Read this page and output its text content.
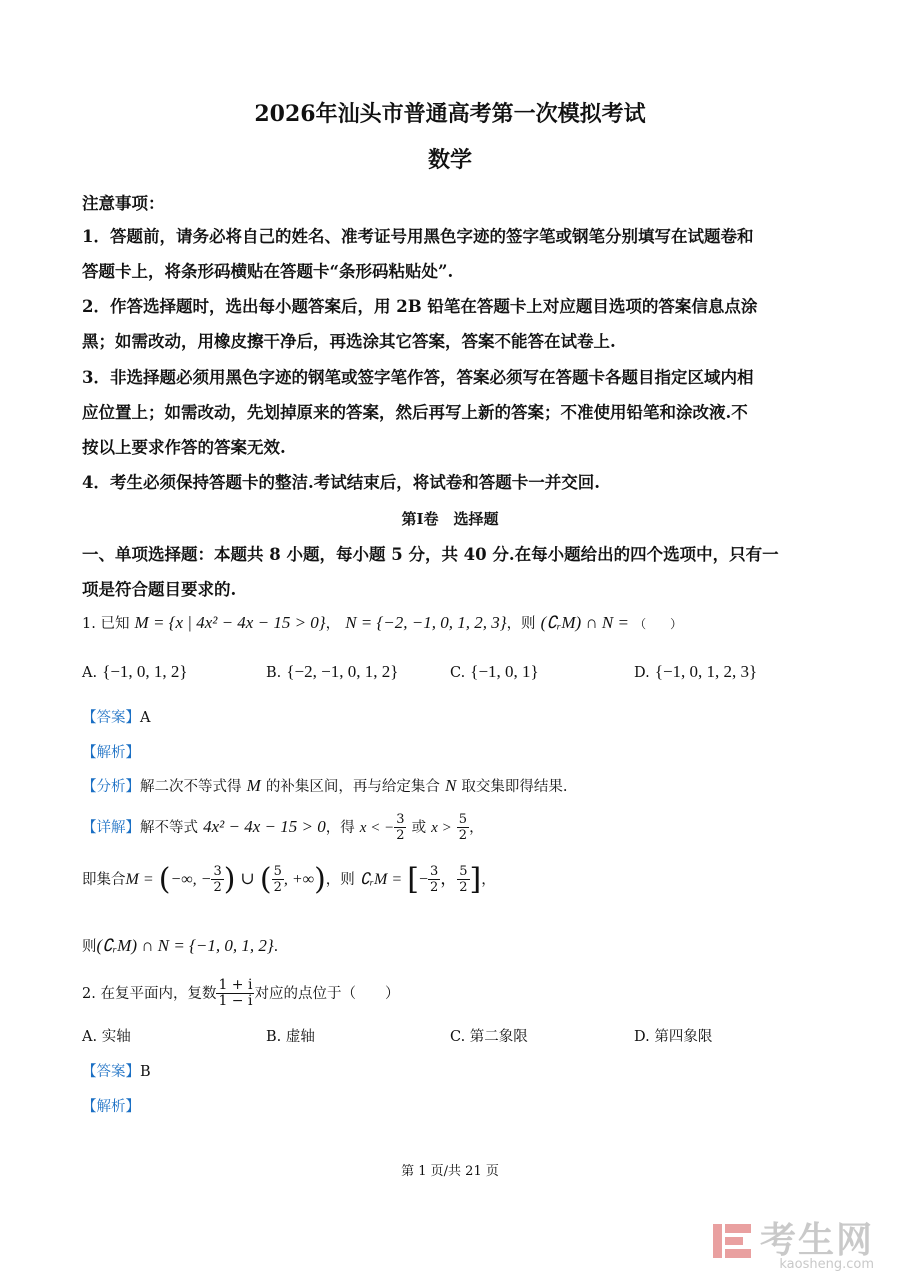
2026年汕头市普通高考第一次模拟考试
数学
注意事项：
1．答题前，请务必将自己的姓名、准考证号用黑色字迹的签字笔或钢笔分别填写在试题卷和
答题卡上，将条形码横贴在答题卡“条形码粘贴处”.
2．作答选择题时，选出每小题答案后，用 2B 铅笔在答题卡上对应题目选项的答案信息点涂
黑；如需改动，用橡皮擦干净后，再选涂其它答案，答案不能答在试卷上.
3．非选择题必须用黑色字迹的钢笔或签字笔作答，答案必须写在答题卡各题目指定区域内相
应位置上；如需改动，先划掉原来的答案，然后再写上新的答案；不准使用铅笔和涂改液.不
按以上要求作答的答案无效.
4．考生必须保持答题卡的整洁.考试结束后，将试卷和答题卡一并交回.
第Ⅰ卷　选择题
一、单项选择题：本题共 8 小题，每小题 5 分，共 40 分.在每小题给出的四个选项中，只有一
项是符合题目要求的.
1. 已知 M = {x | 4x² − 4x − 15 > 0}， N = {−2, −1, 0, 1, 2, 3}，则 (∁ᵣM) ∩ N = （　　）
A. {−1, 0, 1, 2}	B. {−2, −1, 0, 1, 2}	C. {−1, 0, 1}	D. {−1, 0, 1, 2, 3}
【答案】A
【解析】
【分析】解二次不等式得 M 的补集区间，再与给定集合 N 取交集即得结果.
【详解】解不等式 4x² − 4x − 15 > 0，得 x < − $\frac{3}{2}$ 或 $x > \frac{5}{2}$ ，
即集合M = (−∞, − $\frac{3}{2}$ ) ∪ ( $\frac{5}{2}$ , +∞)，则 ∁ᵣM = [− $\frac{3}{2}$ ， $\frac{5}{2}$ ]，
则(∁ᵣM) ∩ N = {−1, 0, 1, 2}.
2. 在复平面内，复数 $\frac{1 + i}{1 - i}$ 对应的点位于（　　）
A. 实轴	B. 虚轴	C. 第二象限	D. 第四象限
【答案】B
【解析】
第 1 页/共 21 页
考生网
kaosheng.com
